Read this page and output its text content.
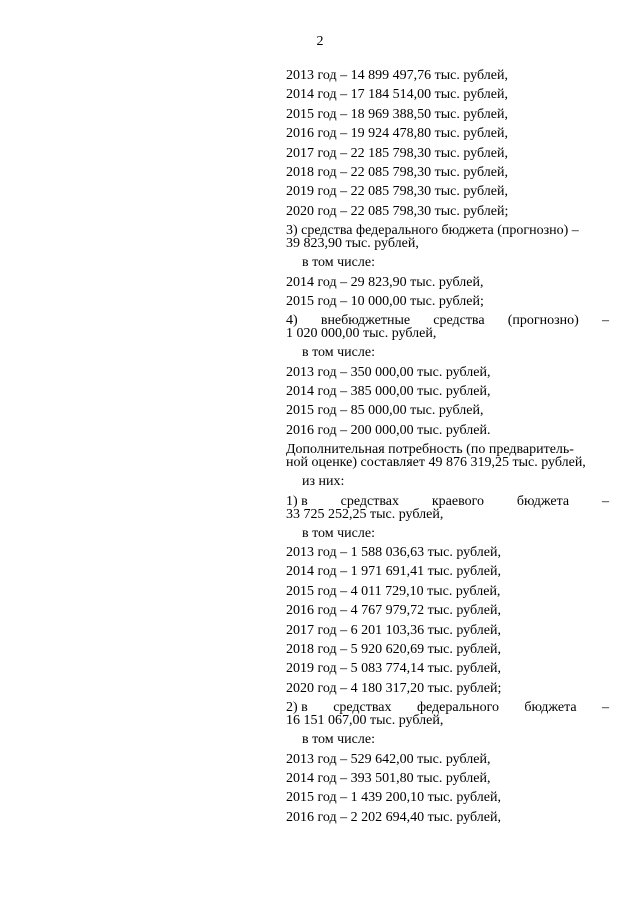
2
2013 год – 14 899 497,76 тыс. рублей,
2014 год – 17 184 514,00 тыс. рублей,
2015 год – 18 969 388,50 тыс. рублей,
2016 год – 19 924 478,80 тыс. рублей,
2017 год – 22 185 798,30 тыс. рублей,
2018 год – 22 085 798,30 тыс. рублей,
2019 год – 22 085 798,30 тыс. рублей,
2020 год – 22 085 798,30 тыс. рублей;
3) средства федерального бюджета (прогнозно) –
39 823,90 тыс. рублей,
в том числе:
2014 год – 29 823,90 тыс. рублей,
2015 год – 10 000,00 тыс. рублей;
4) внебюджетные средства (прогнозно) –
1 020 000,00 тыс. рублей,
в том числе:
2013 год – 350 000,00 тыс. рублей,
2014 год – 385 000,00 тыс. рублей,
2015 год – 85 000,00 тыс. рублей,
2016 год – 200 000,00 тыс. рублей.
Дополнительная потребность (по предваритель-
ной оценке) составляет 49 876 319,25 тыс. рублей,
из них:
1) в средствах краевого бюджета –
33 725 252,25 тыс. рублей,
в том числе:
2013 год – 1 588 036,63 тыс. рублей,
2014 год – 1 971 691,41 тыс. рублей,
2015 год – 4 011 729,10 тыс. рублей,
2016 год – 4 767 979,72 тыс. рублей,
2017 год – 6 201 103,36 тыс. рублей,
2018 год – 5 920 620,69 тыс. рублей,
2019 год – 5 083 774,14 тыс. рублей,
2020 год – 4 180 317,20 тыс. рублей;
2) в средствах федерального бюджета –
16 151 067,00 тыс. рублей,
в том числе:
2013 год – 529 642,00 тыс. рублей,
2014 год – 393 501,80 тыс. рублей,
2015 год – 1 439 200,10 тыс. рублей,
2016 год – 2 202 694,40 тыс. рублей,
